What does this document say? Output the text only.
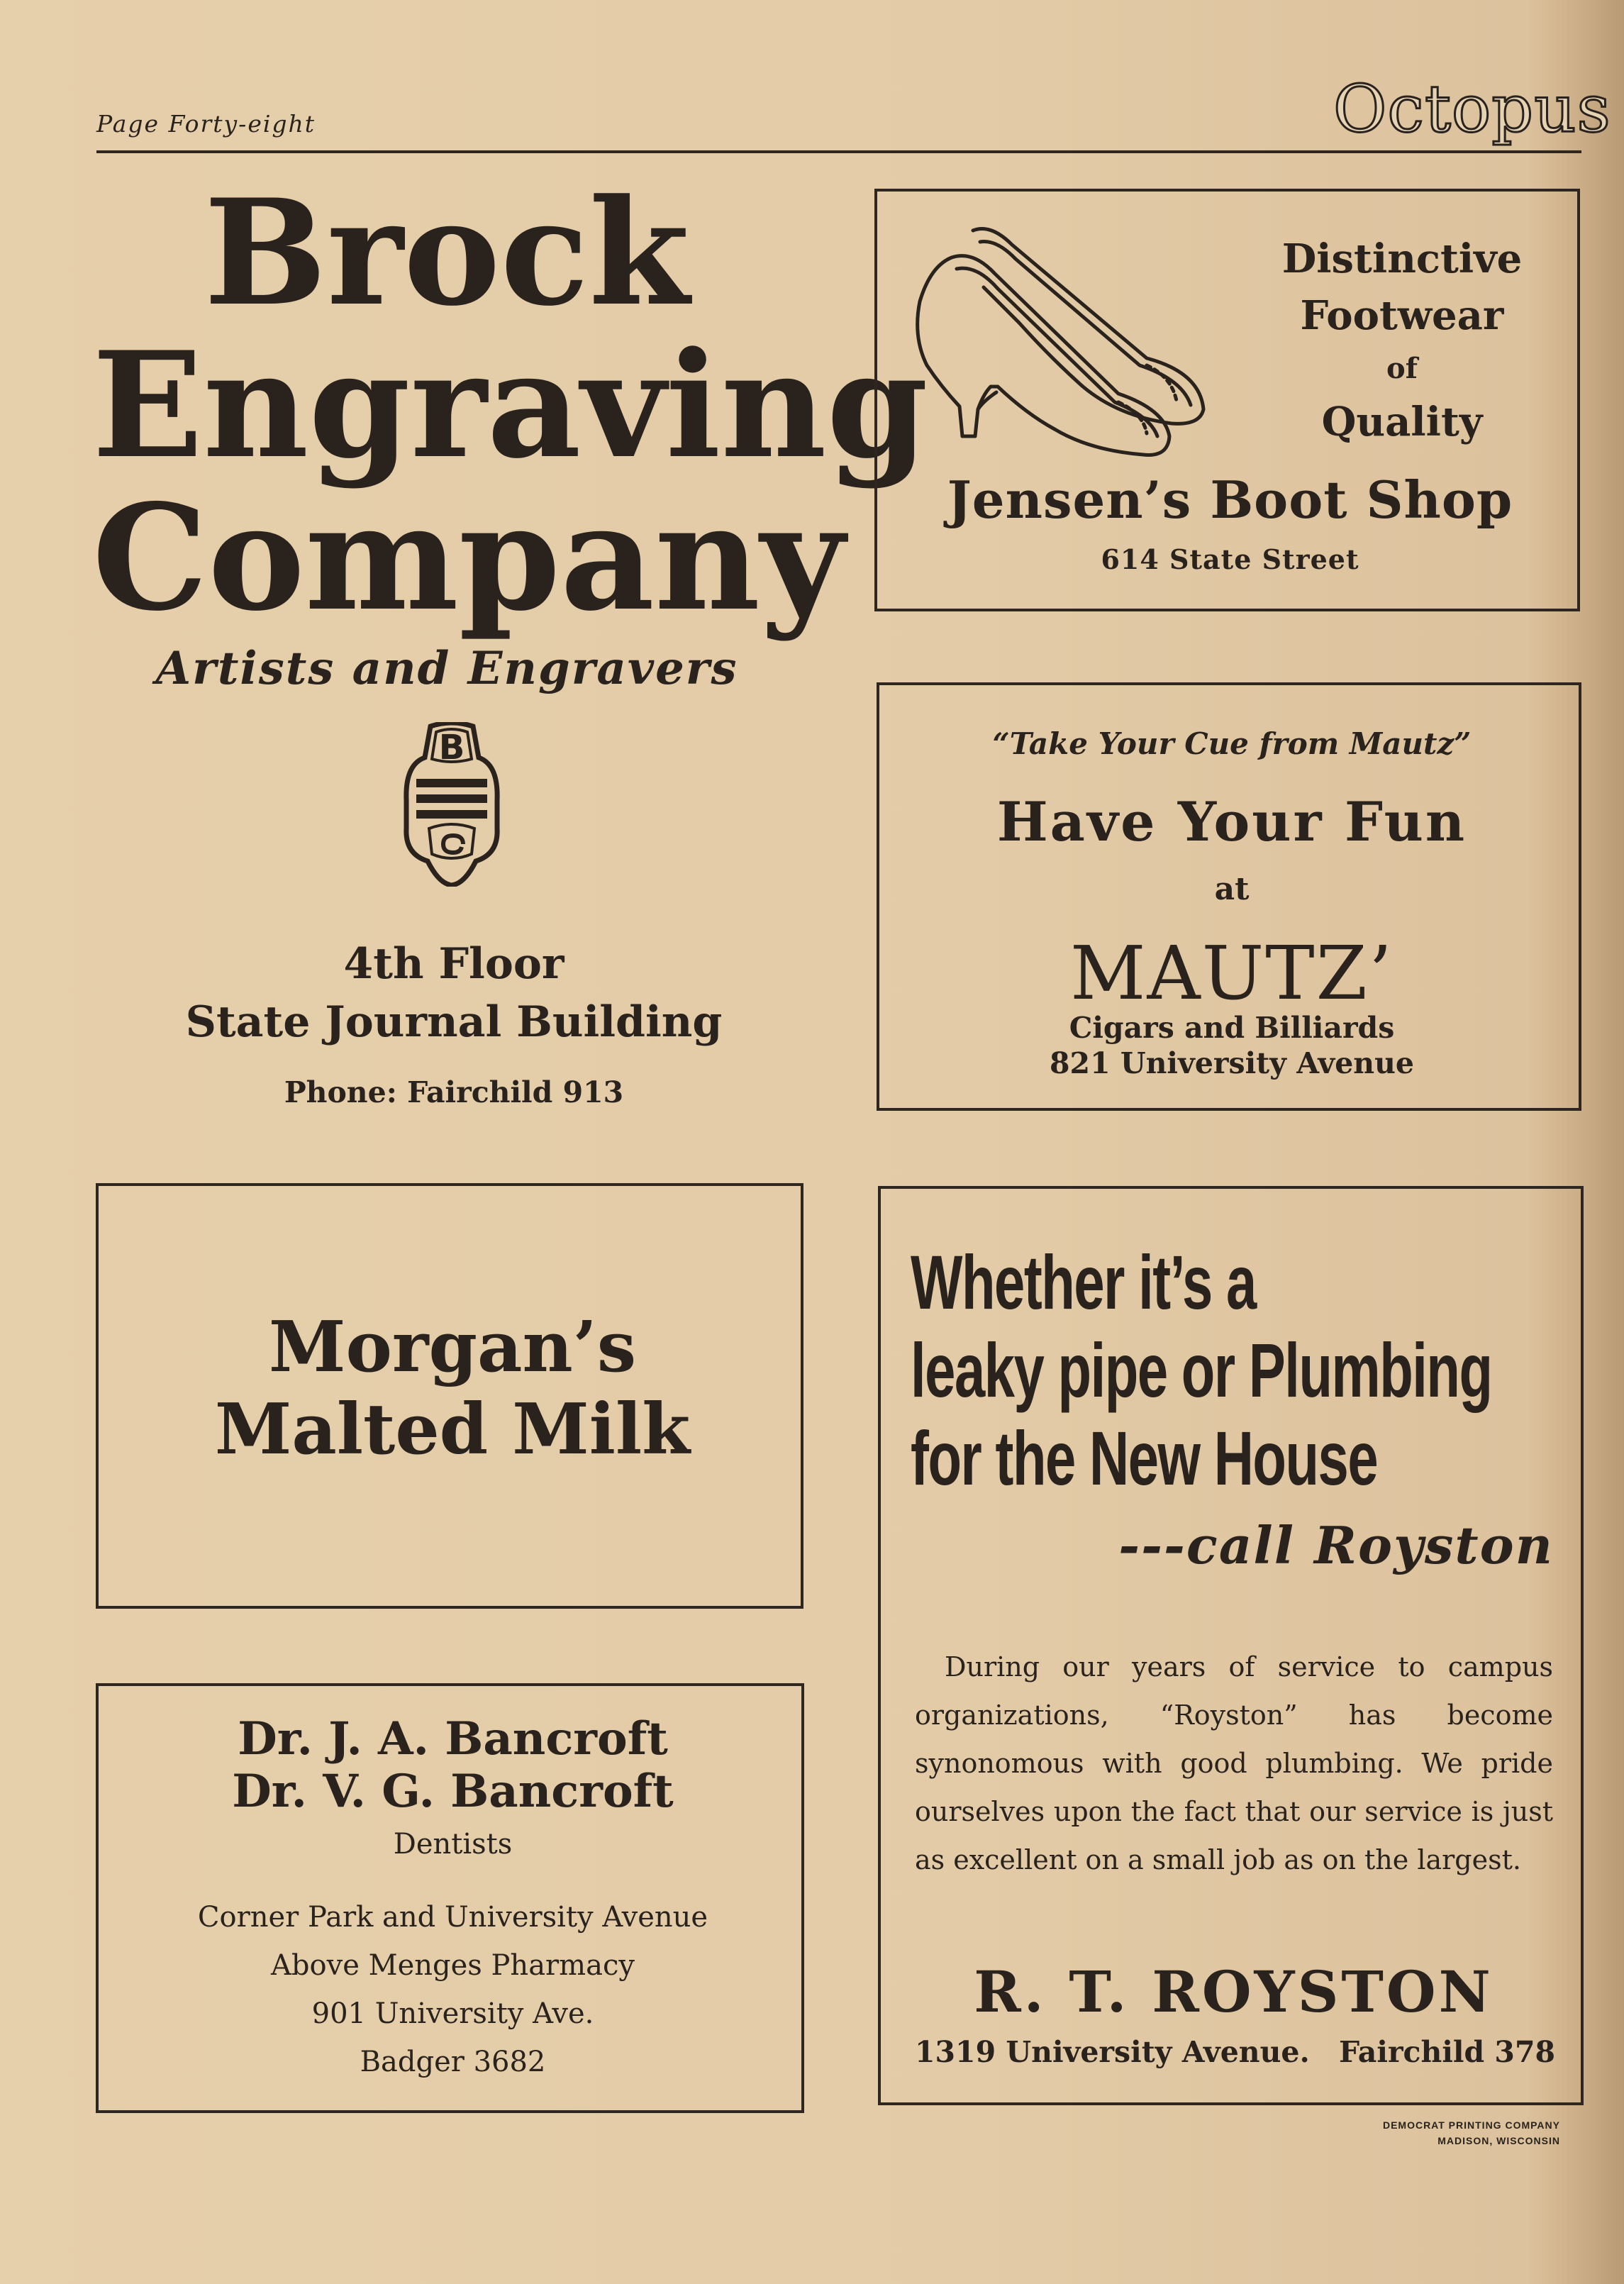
Page Forty-eight	Octopus
Brock
Engraving
Company
Artists and Engravers
B
4th Floor
State Journal Building
Phone: Fairchild 913
Distinctive
Footwear
of
Quality
Jensen’s Boot Shop
614 State Street
“Take Your Cue from Mautz”
Have Your Fun
at
MAUTZ’
Cigars and Billiards
821 University Avenue
Morgan’s
Malted Milk
Dr. J. A. Bancroft
Dr. V. G. Bancroft
Dentists
Corner Park and University Avenue
Above Menges Pharmacy
901 University Ave.
Badger 3682
Whether it’s a
leaky pipe or Plumbing
for the New House
---call Royston
During our years of service to campus organizations, “Royston” has become synonomous with good plumbing. We pride ourselves upon the fact that our service is just as excellent on a small job as on the largest.
R. T. ROYSTON
1319 University Avenue. Fairchild 378
DEMOCRAT PRINTING COMPANY
MADISON, WISCONSIN
